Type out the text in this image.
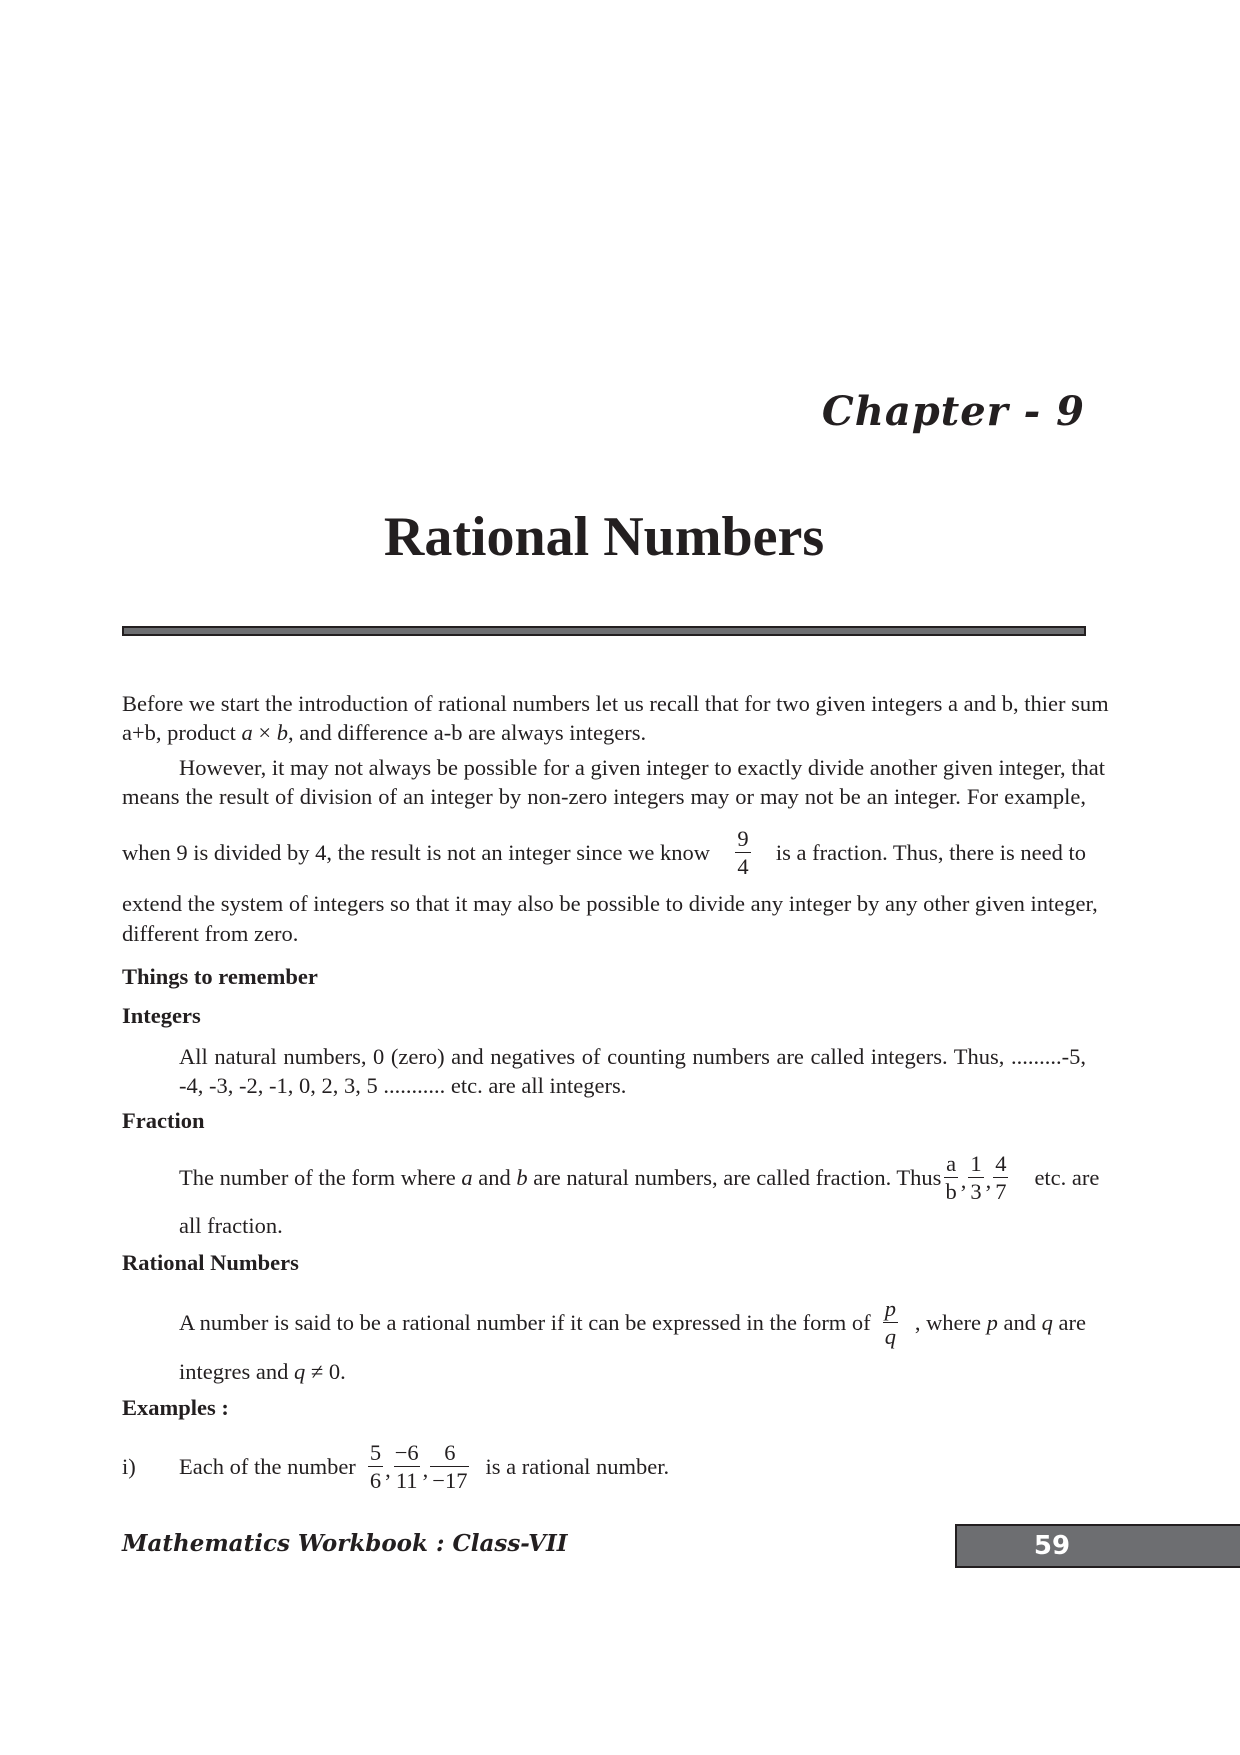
Chapter - 9
Rational Numbers
Before we start the introduction of rational numbers let us recall that for two given integers a and b, thier sum
a+b, product a × b, and difference a-b are always integers.
However, it may not always be possible for a given integer to exactly divide another given integer, that
means the result of division of an integer by non-zero integers may or may not be an integer. For example,
when 9 is divided by 4, the result is not an integer since we know $\frac{9}{4}$ is a fraction. Thus, there is need to
extend the system of integers so that it may also be possible to divide any integer by any other given integer,
different from zero.
Things to remember
Integers
All natural numbers, 0 (zero) and negatives of counting numbers are called integers. Thus, .........-5,
-4, -3, -2, -1, 0, 2, 3, 5 ........... etc. are all integers.
Fraction
The number of the form where a and b are natural numbers, are called fraction. Thus $\frac{a}{b}$ , $\frac{1}{3}$ , $\frac{4}{7}$ etc. are
all fraction.
Rational Numbers
A number is said to be a rational number if it can be expressed in the form of $\frac{p}{q}$ , where p and q are
integres and q ≠ 0.
Examples :
i)	Each of the number $\frac{5}{6}$ , $\frac{-6}{11}$ , $\frac{6}{-17}$ is a rational number.
Mathematics Workbook : Class-VII	59
